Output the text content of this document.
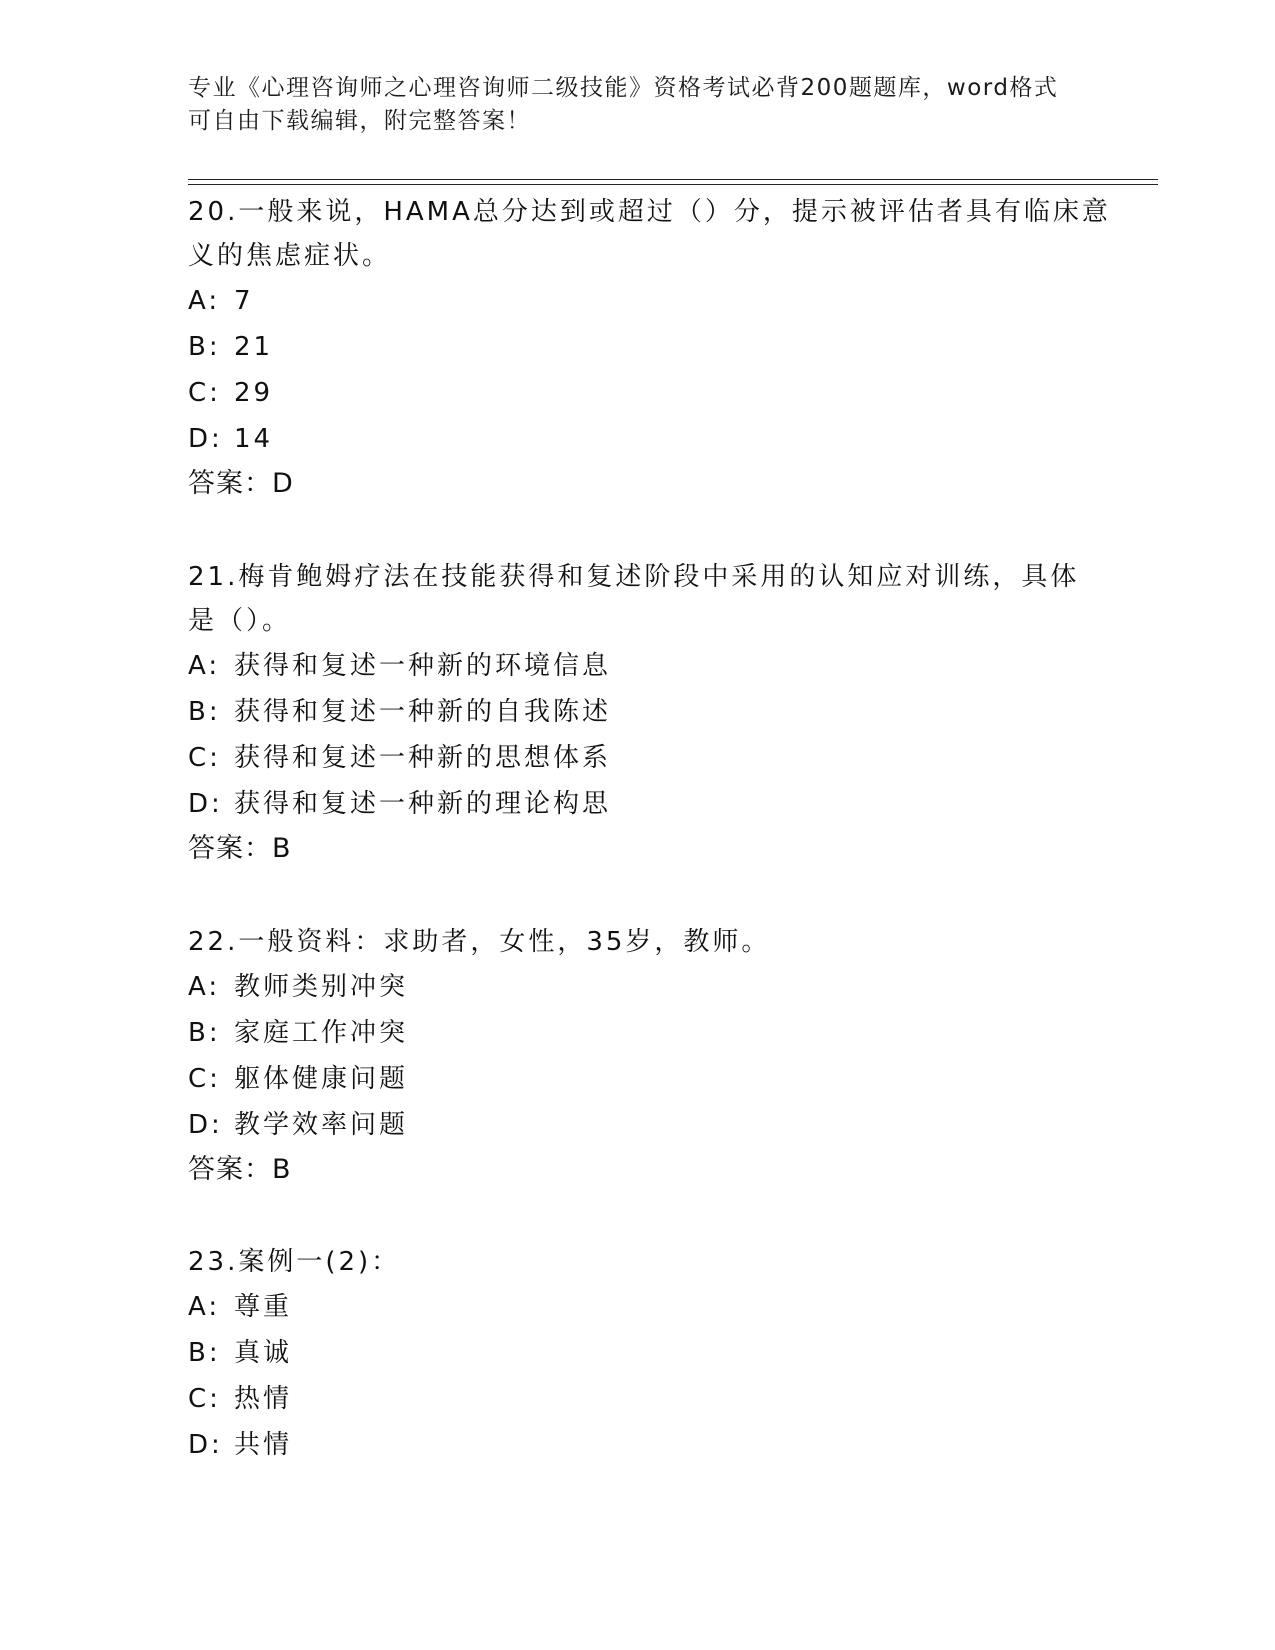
专业《心理咨询师之心理咨询师二级技能》资格考试必背200题题库，word格式
可自由下载编辑，附完整答案！
20.一般来说，HAMA总分达到或超过（）分，提示被评估者具有临床意
义的焦虑症状。
A: 7
B: 21
C: 29
D: 14
答案：D
21.梅肯鲍姆疗法在技能获得和复述阶段中采用的认知应对训练，具体
是（）。
A: 获得和复述一种新的环境信息
B: 获得和复述一种新的自我陈述
C: 获得和复述一种新的思想体系
D: 获得和复述一种新的理论构思
答案：B
22.一般资料：求助者，女性，35岁，教师。
A: 教师类别冲突
B: 家庭工作冲突
C: 躯体健康问题
D: 教学效率问题
答案：B
23.案例一(2)：
A: 尊重
B: 真诚
C: 热情
D: 共情
